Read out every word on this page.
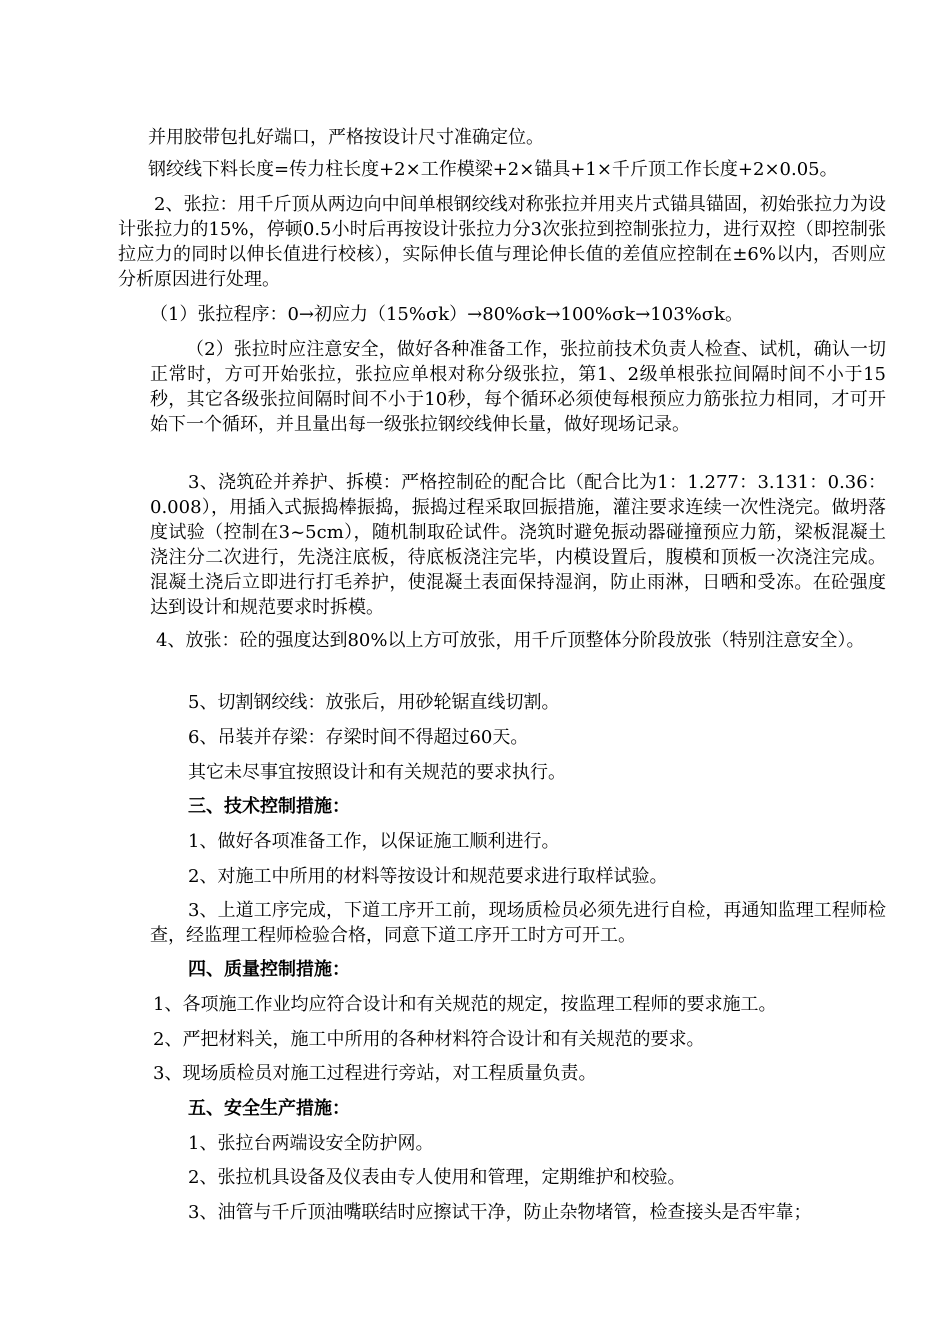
并用胶带包扎好端口，严格按设计尺寸准确定位。

钢绞线下料长度=传力柱长度+2×工作模梁+2×锚具+1×千斤顶工作长度+2×0.05。

2、张拉：用千斤顶从两边向中间单根钢绞线对称张拉并用夹片式锚具锚固，初始张拉力为设计张拉力的15%，停顿0.5小时后再按设计张拉力分3次张拉到控制张拉力，进行双控（即控制张拉应力的同时以伸长值进行校核），实际伸长值与理论伸长值的差值应控制在±6%以内，否则应分析原因进行处理。

（1）张拉程序：0→初应力（15%σk）→80%σk→100%σk→103%σk。

（2）张拉时应注意安全，做好各种准备工作，张拉前技术负责人检查、试机，确认一切正常时，方可开始张拉，张拉应单根对称分级张拉，第1、2级单根张拉间隔时间不小于15秒，其它各级张拉间隔时间不小于10秒，每个循环必须使每根预应力筋张拉力相同，才可开始下一个循环，并且量出每一级张拉钢绞线伸长量，做好现场记录。

3、浇筑砼并养护、拆模：严格控制砼的配合比（配合比为1：1.277：3.131：0.36：0.008），用插入式振捣棒振捣，振捣过程采取回振措施，灌注要求连续一次性浇完。做坍落度试验（控制在3~5cm），随机制取砼试件。浇筑时避免振动器碰撞预应力筋，梁板混凝土浇注分二次进行，先浇注底板，待底板浇注完毕，内模设置后，腹模和顶板一次浇注完成。混凝土浇后立即进行打毛养护，使混凝土表面保持湿润，防止雨淋，日晒和受冻。在砼强度达到设计和规范要求时拆模。

4、放张：砼的强度达到80%以上方可放张，用千斤顶整体分阶段放张（特别注意安全）。

5、切割钢绞线：放张后，用砂轮锯直线切割。

6、吊装并存梁：存梁时间不得超过60天。

其它未尽事宜按照设计和有关规范的要求执行。

三、技术控制措施：

1、做好各项准备工作，以保证施工顺利进行。

2、对施工中所用的材料等按设计和规范要求进行取样试验。

3、上道工序完成，下道工序开工前，现场质检员必须先进行自检，再通知监理工程师检查，经监理工程师检验合格，同意下道工序开工时方可开工。

四、质量控制措施：

1、各项施工作业均应符合设计和有关规范的规定，按监理工程师的要求施工。

2、严把材料关，施工中所用的各种材料符合设计和有关规范的要求。

3、现场质检员对施工过程进行旁站，对工程质量负责。

五、安全生产措施：

1、张拉台两端设安全防护网。

2、张拉机具设备及仪表由专人使用和管理，定期维护和校验。

3、油管与千斤顶油嘴联结时应擦试干净，防止杂物堵管，检查接头是否牢靠；
